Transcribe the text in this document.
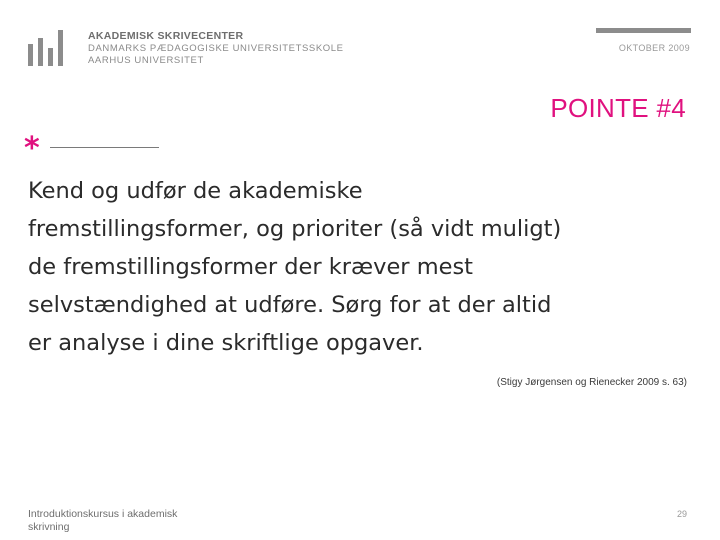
AKADEMISK SKRIVECENTER
DANMARKS PÆDAGOGISKE UNIVERSITETSSKOLE
AARHUS UNIVERSITET
OKTOBER 2009
POINTE #4
*

Kend og udfør de akademiske
fremstillingsformer, og prioriter (så vidt muligt)
de fremstillingsformer der kræver mest
selvstændighed at udføre. Sørg for at der altid
er analyse i dine skriftlige opgaver.

(Stigy Jørgensen og Rienecker 2009 s. 63)
Introduktionskursus i akademisk skrivning
29
